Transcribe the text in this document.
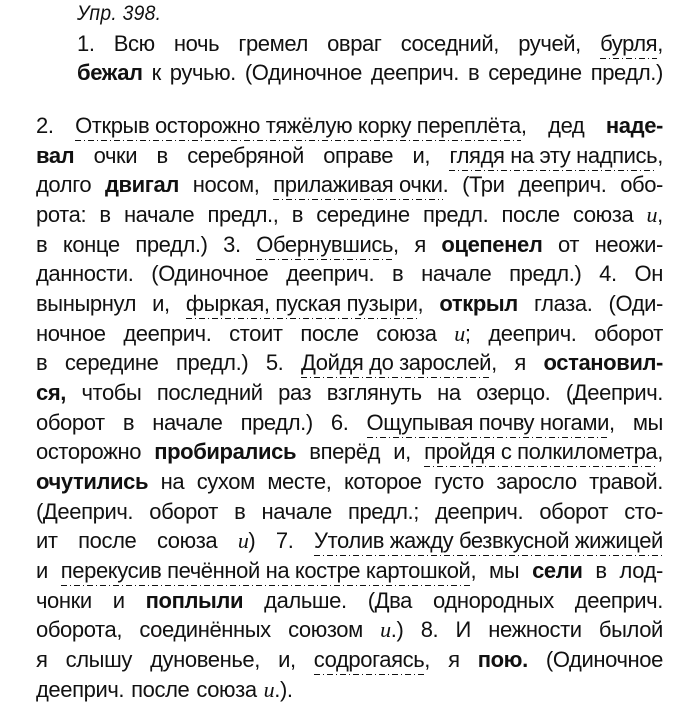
Упр. 398.
1. Всю ночь гремел овраг соседний, ручей, бурля,
бежал к ручью. (Одиночное дееприч. в середине предл.)
2. Открыв осторожно тяжёлую корку переплёта, дед наде-
вал очки в серебряной оправе и, глядя на эту надпись,
долго двигал носом, прилаживая очки. (Три дееприч. обо-
рота: в начале предл., в середине предл. после союза и,
в конце предл.) 3. Обернувшись, я оцепенел от неожи-
данности. (Одиночное дееприч. в начале предл.) 4. Он
вынырнул и, фыркая, пуская пузыри, открыл глаза. (Оди-
ночное дееприч. стоит после союза и; дееприч. оборот
в середине предл.) 5. Дойдя до зарослей, я остановил-
ся, чтобы последний раз взглянуть на озерцо. (Дееприч.
оборот в начале предл.) 6. Ощупывая почву ногами, мы
осторожно пробирались вперёд и, пройдя с полкилометра,
очутились на сухом месте, которое густо заросло травой.
(Дееприч. оборот в начале предл.; дееприч. оборот сто-
ит после союза и) 7. Утолив жажду безвкусной жижицей
и перекусив печённой на костре картошкой, мы сели в лод-
чонки и поплыли дальше. (Два однородных дееприч.
оборота, соединённых союзом и.) 8. И нежности былой
я слышу дуновенье, и, содрогаясь, я пою. (Одиночное
дееприч. после союза и.).
